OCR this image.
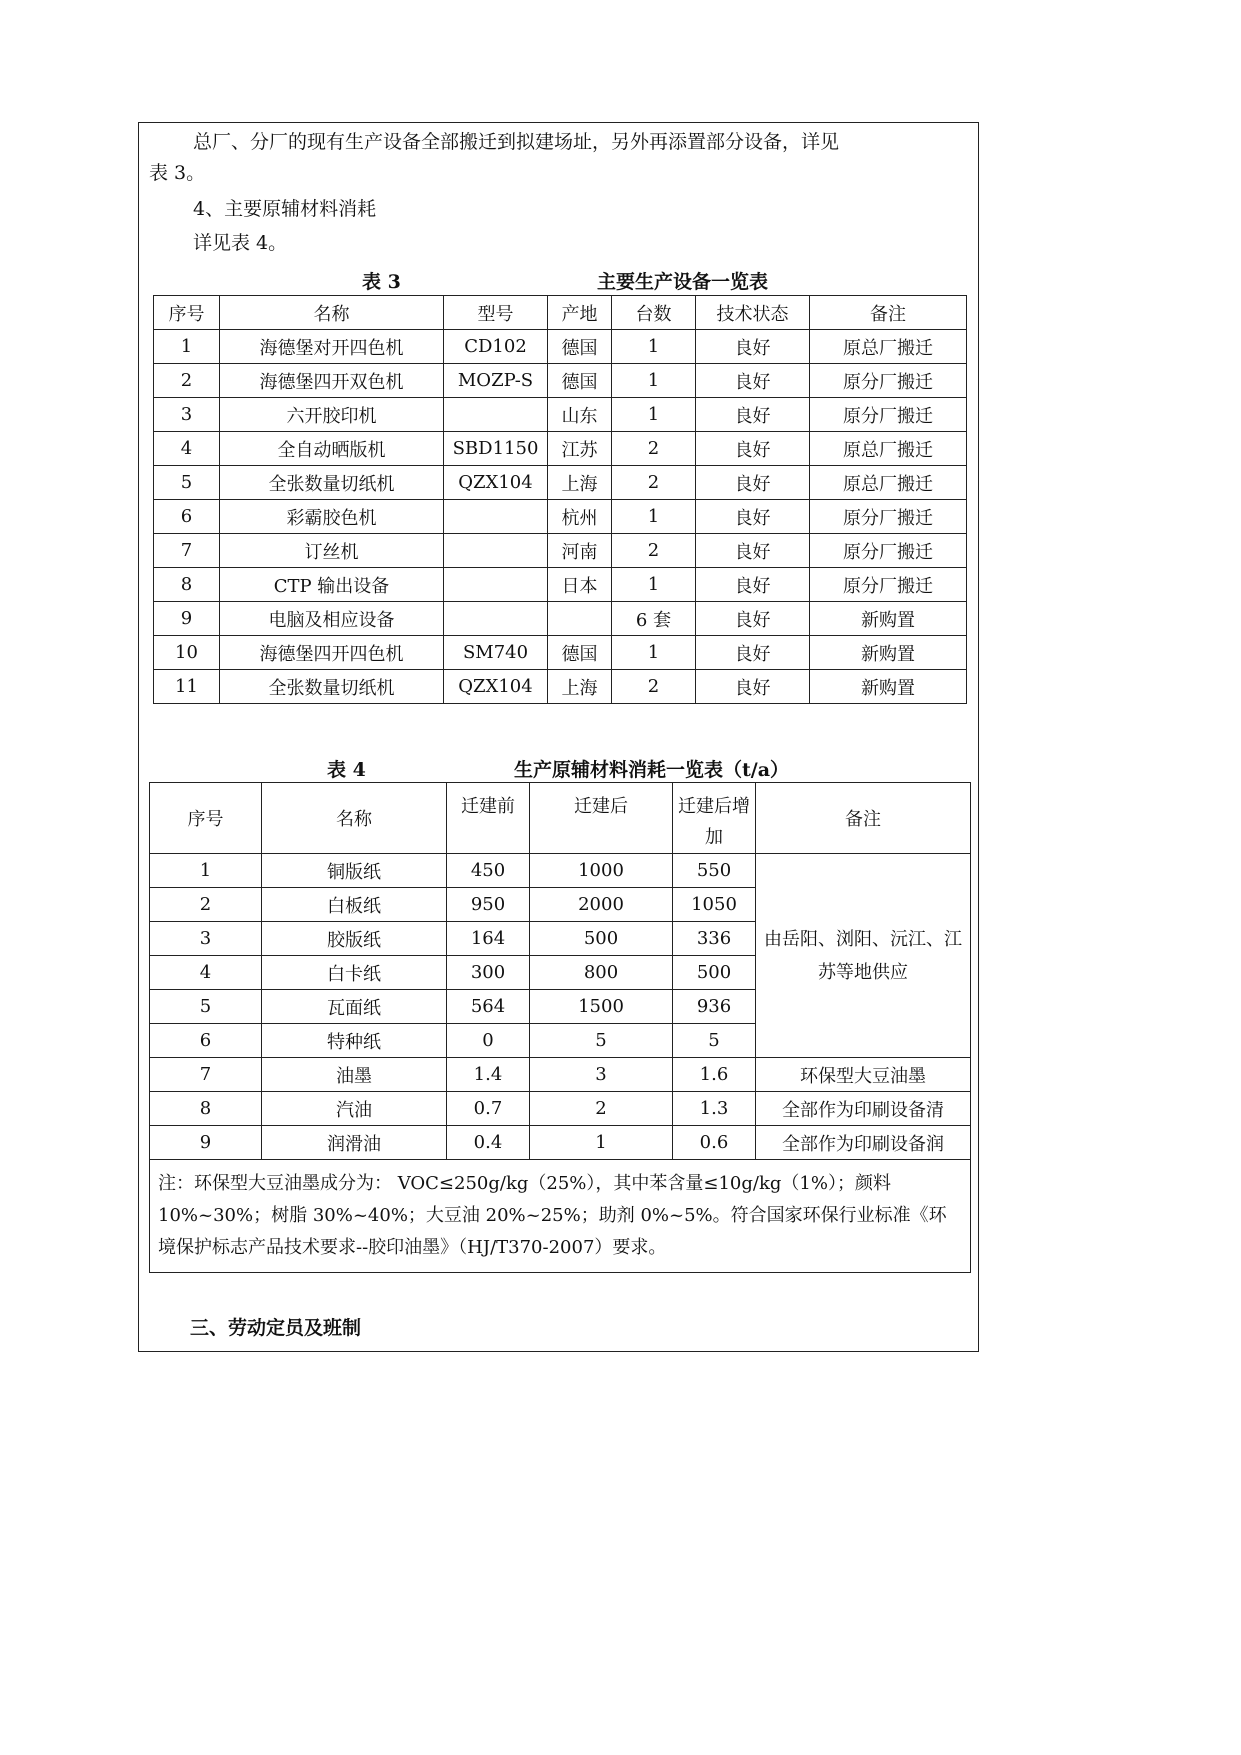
总厂、分厂的现有生产设备全部搬迁到拟建场址，另外再添置部分设备，详见
表 3。
4、主要原辅材料消耗
详见表 4。
表 3	主要生产设备一览表
序号	名称	型号	产地	台数	技术状态	备注
1	海德堡对开四色机	CD102	德国	1	良好	原总厂搬迁
2	海德堡四开双色机	MOZP-S	德国	1	良好	原分厂搬迁
3	六开胶印机		山东	1	良好	原分厂搬迁
4	全自动晒版机	SBD1150	江苏	2	良好	原总厂搬迁
5	全张数量切纸机	QZX104	上海	2	良好	原总厂搬迁
6	彩霸胶色机		杭州	1	良好	原分厂搬迁
7	订丝机		河南	2	良好	原分厂搬迁
8	CTP 输出设备		日本	1	良好	原分厂搬迁
9	电脑及相应设备			6 套	良好	新购置
10	海德堡四开四色机	SM740	德国	1	良好	新购置
11	全张数量切纸机	QZX104	上海	2	良好	新购置
表 4	生产原辅材料消耗一览表（t/a）
序号	名称	迁建前	迁建后	迁建后增加	备注
1	铜版纸	450	1000	550	由岳阳、浏阳、沅江、江苏等地供应
2	白板纸	950	2000	1050	
3	胶版纸	164	500	336	
4	白卡纸	300	800	500	
5	瓦面纸	564	1500	936	
6	特种纸	0	5	5	
7	油墨	1.4	3	1.6	环保型大豆油墨
8	汽油	0.7	2	1.3	全部作为印刷设备清
9	润滑油	0.4	1	0.6	全部作为印刷设备润
注：环保型大豆油墨成分为： VOC≤250g/kg（25%），其中苯含量≤10g/kg（1%）；颜料 10%~30%；树脂 30%~40%；大豆油 20%~25%；助剂 0%~5%。符合国家环保行业标准《环境保护标志产品技术要求--胶印油墨》（HJ/T370-2007）要求。					
三、劳动定员及班制
